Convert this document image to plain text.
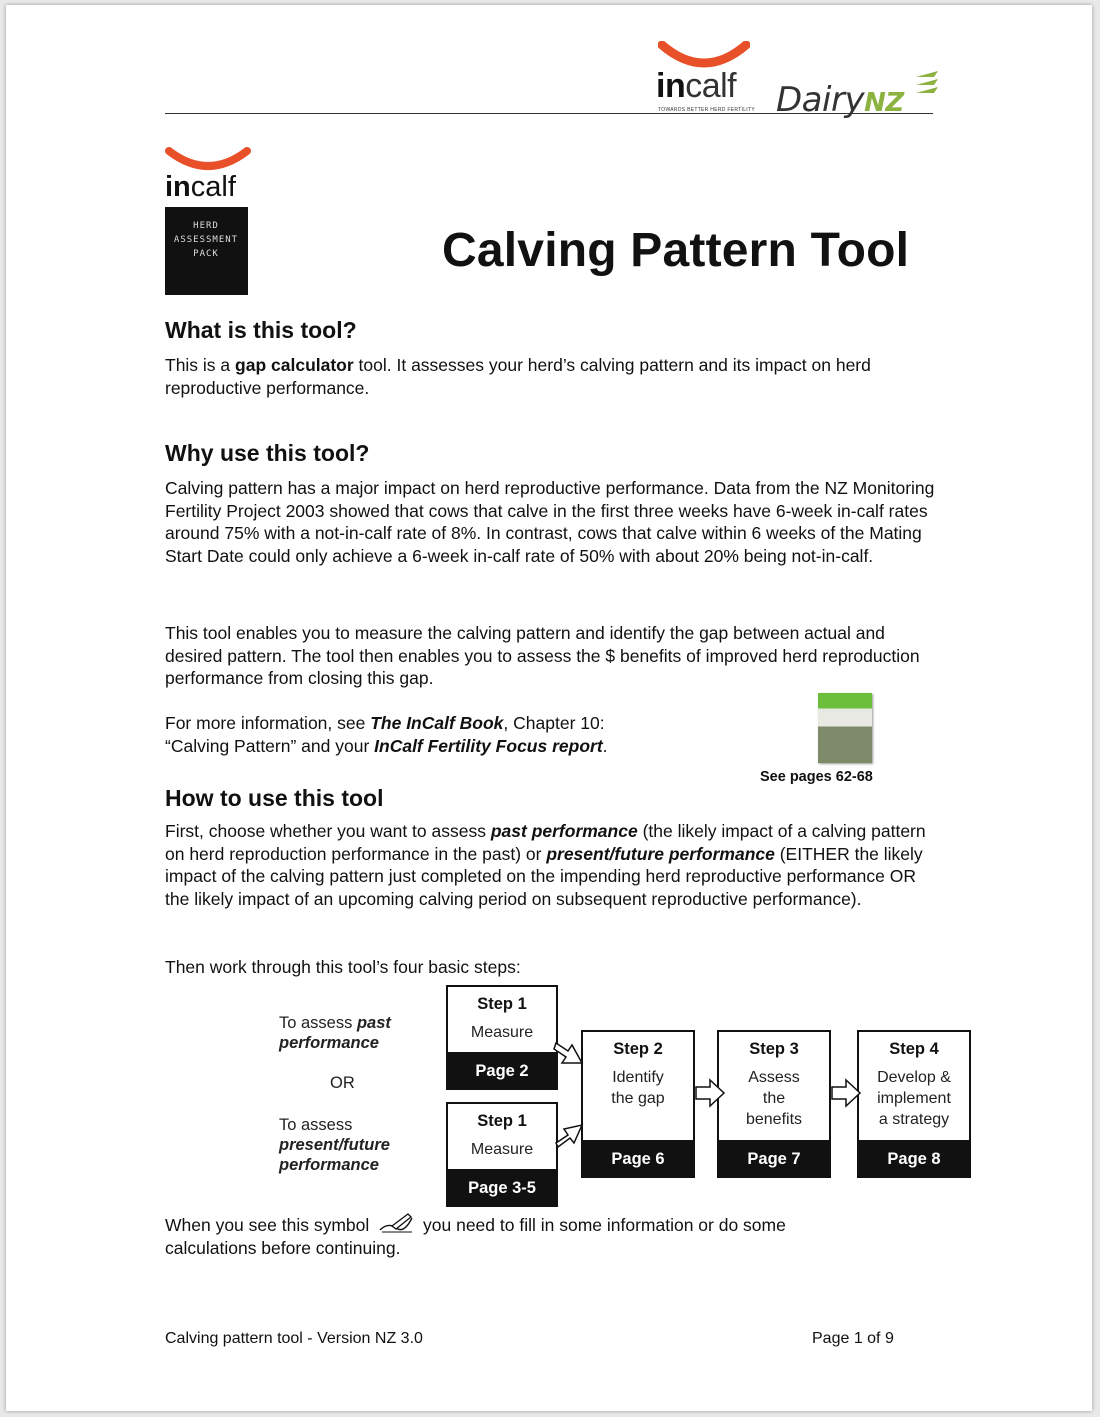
incalf
TOWARDS BETTER HERD FERTILITY DairyNZ
incalf
HERD
ASSESSMENT
PACK	Calving Pattern Tool
What is this tool?

This is a gap calculator tool. It assesses your herd’s calving pattern and its impact on herd reproductive performance.

Why use this tool?

Calving pattern has a major impact on herd reproductive performance. Data from the NZ Monitoring Fertility Project 2003 showed that cows that calve in the first three weeks have 6-week in-calf rates around 75% with a not-in-calf rate of 8%. In contrast, cows that calve within 6 weeks of the Mating Start Date could only achieve a 6-week in-calf rate of 50% with about 20% being not-in-calf.

This tool enables you to measure the calving pattern and identify the gap between actual and desired pattern. The tool then enables you to assess the $ benefits of improved herd reproduction performance from closing this gap.

For more information, see The InCalf Book, Chapter 10:
“Calving Pattern” and your InCalf Fertility Focus report.

See pages 62-68
How to use this tool

First, choose whether you want to assess past performance (the likely impact of a calving pattern on herd reproduction performance in the past) or present/future performance (EITHER the likely impact of the calving pattern just completed on the impending herd reproductive performance OR the likely impact of an upcoming calving period on subsequent reproductive performance).

Then work through this tool’s four basic steps:

To assess past
performance
OR
To assess
present/future
performance
Step 1
Measure
Page 2
Step 1
Measure
Page 3-5
Step 2
Identify
the gap
Page 6
Step 3
Assess
the
benefits
Page 7
Step 4
Develop &
implement
a strategy
Page 8

When you see this symbol	you need to fill in some information or do some
calculations before continuing.

Calving pattern tool - Version NZ 3.0	Page 1 of 9
